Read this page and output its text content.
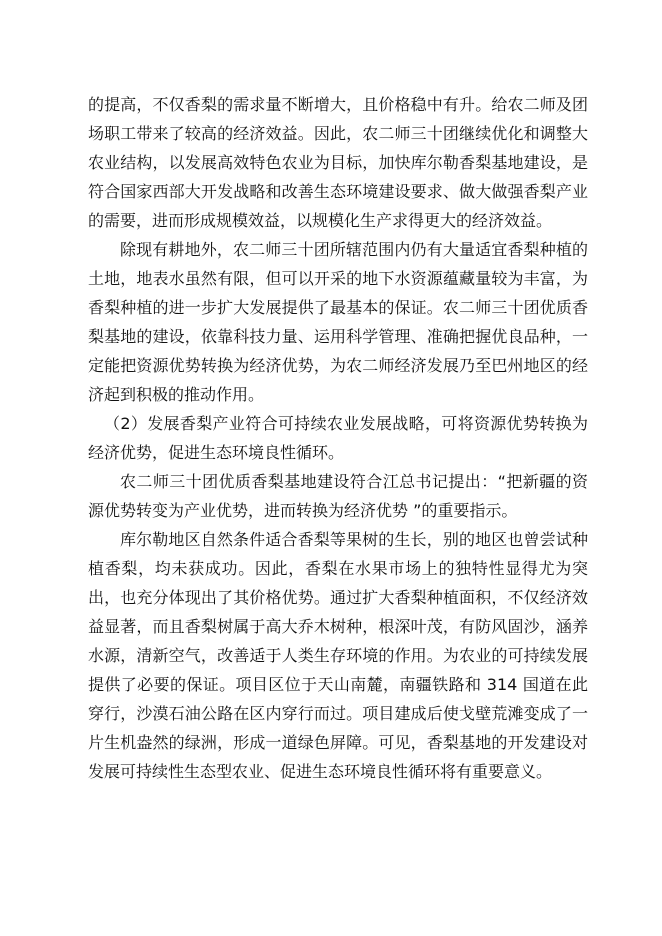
的提高，不仅香梨的需求量不断增大，且价格稳中有升。给农二师及团场职工带来了较高的经济效益。因此，农二师三十团继续优化和调整大农业结构，以发展高效特色农业为目标，加快库尔勒香梨基地建设，是符合国家西部大开发战略和改善生态环境建设要求、做大做强香梨产业的需要，进而形成规模效益，以规模化生产求得更大的经济效益。

除现有耕地外，农二师三十团所辖范围内仍有大量适宜香梨种植的土地，地表水虽然有限，但可以开采的地下水资源蕴藏量较为丰富，为香梨种植的进一步扩大发展提供了最基本的保证。农二师三十团优质香梨基地的建设，依靠科技力量、运用科学管理、准确把握优良品种，一定能把资源优势转换为经济优势，为农二师经济发展乃至巴州地区的经济起到积极的推动作用。

（2）发展香梨产业符合可持续农业发展战略，可将资源优势转换为经济优势，促进生态环境良性循环。

农二师三十团优质香梨基地建设符合江总书记提出：“把新疆的资源优势转变为产业优势，进而转换为经济优势 ”的重要指示。

库尔勒地区自然条件适合香梨等果树的生长，别的地区也曾尝试种植香梨，均未获成功。因此，香梨在水果市场上的独特性显得尤为突出，也充分体现出了其价格优势。通过扩大香梨种植面积，不仅经济效益显著，而且香梨树属于高大乔木树种，根深叶茂，有防风固沙，涵养水源，清新空气，改善适于人类生存环境的作用。为农业的可持续发展提供了必要的保证。项目区位于天山南麓，南疆铁路和 314 国道在此穿行，沙漠石油公路在区内穿行而过。项目建成后使戈壁荒滩变成了一片生机盎然的绿洲，形成一道绿色屏障。可见，香梨基地的开发建设对发展可持续性生态型农业、促进生态环境良性循环将有重要意义。
